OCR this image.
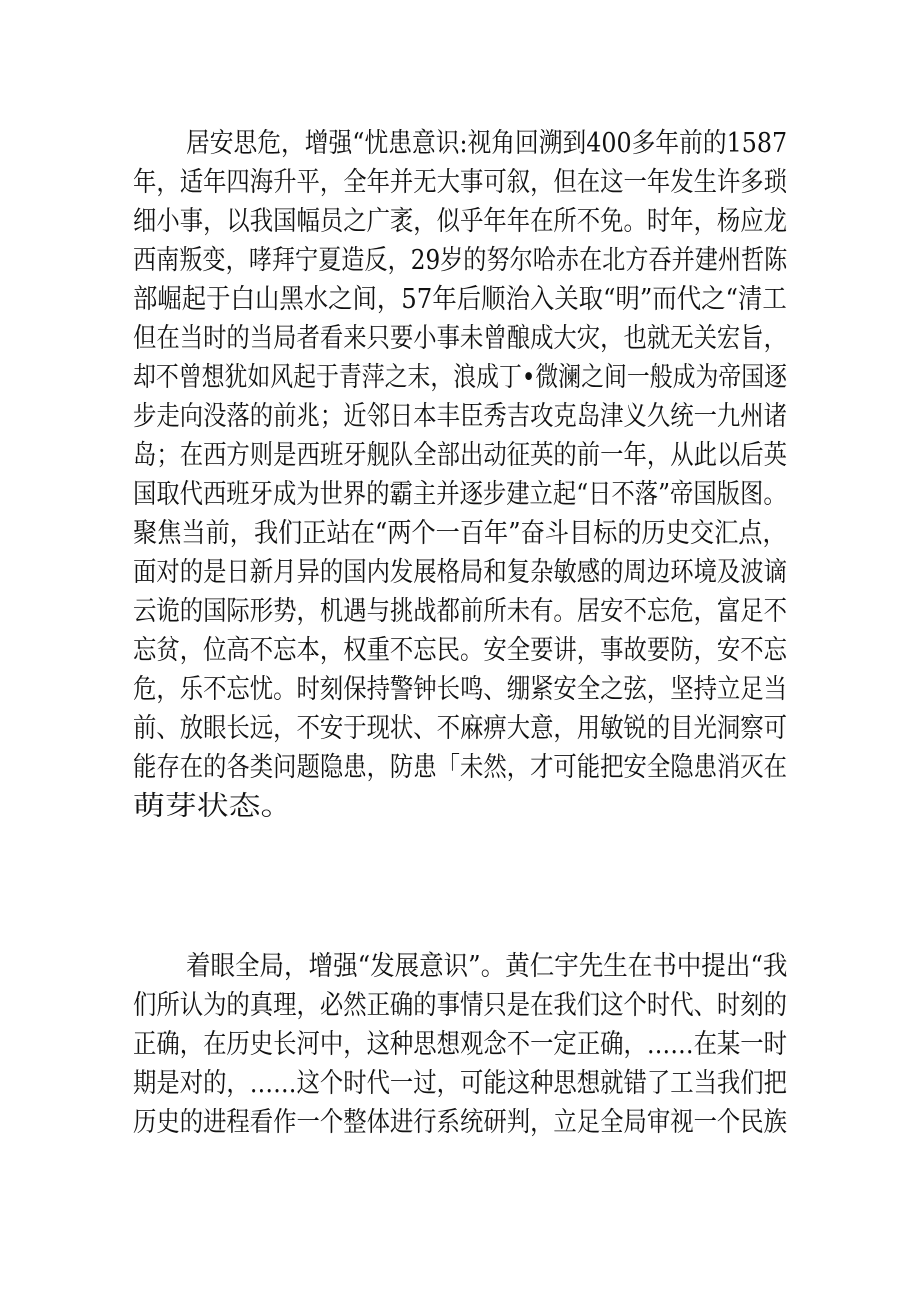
居安思危，增强“忧患意识:视角回溯到400多年前的1587

年，适年四海升平，全年并无大事可叙，但在这一年发生许多琐

细小事，以我国幅员之广袤，似乎年年在所不免。时年，杨应龙

西南叛变，哮拜宁夏造反，29岁的努尔哈赤在北方吞并建州哲陈

部崛起于白山黑水之间，57年后顺治入关取“明”而代之“清工

但在当时的当局者看来只要小事未曾酿成大灾，也就无关宏旨，

却不曾想犹如风起于青萍之末，浪成丁•微澜之间一般成为帝国逐

步走向没落的前兆；近邻日本丰臣秀吉攻克岛津义久统一九州诸

岛；在西方则是西班牙舰队全部出动征英的前一年，从此以后英

国取代西班牙成为世界的霸主并逐步建立起“日不落”帝国版图。

聚焦当前，我们正站在“两个一百年”奋斗目标的历史交汇点，

面对的是日新月异的国内发展格局和复杂敏感的周边环境及波谪

云诡的国际形势，机遇与挑战都前所未有。居安不忘危，富足不

忘贫，位高不忘本，权重不忘民。安全要讲，事故要防，安不忘

危，乐不忘忧。时刻保持警钟长鸣、绷紧安全之弦，坚持立足当

前、放眼长远，不安于现状、不麻痹大意，用敏锐的目光洞察可

能存在的各类问题隐患，防患「未然，才可能把安全隐患消灭在

萌芽状态。

着眼全局，增强“发展意识”。黄仁宇先生在书中提出“我

们所认为的真理，必然正确的事情只是在我们这个时代、时刻的

正确，在历史长河中，这种思想观念不一定正确，……在某一时

期是对的，……这个时代一过，可能这种思想就错了工当我们把

历史的进程看作一个整体进行系统研判，立足全局审视一个民族
